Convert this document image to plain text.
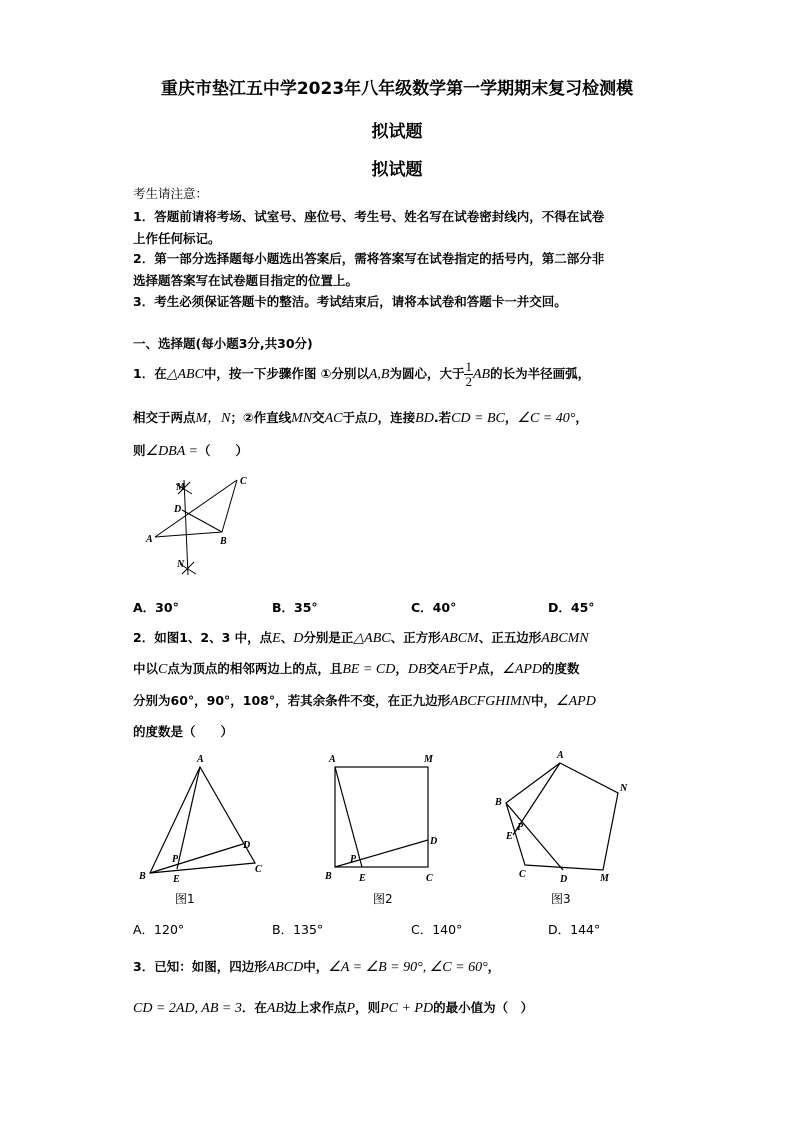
重庆市垫江五中学2023年八年级数学第一学期期末复习检测模
拟试题
拟试题
考生请注意：
1．答题前请将考场、试室号、座位号、考生号、姓名写在试卷密封线内，不得在试卷
上作任何标记。
2．第一部分选择题每小题选出答案后，需将答案写在试卷指定的括号内，第二部分非
选择题答案写在试卷题目指定的位置上。
3．考生必须保证答题卡的整洁。考试结束后，请将本试卷和答题卡一并交回。
一、选择题(每小题3分,共30分)
1．在△ABC中，按一下步骤作图 ①分别以A,B为圆心，大于 $\frac{1}{2}$ AB的长为半径画弧，
相交于两点M，N；②作直线MN交AC于点D，连接BD.若CD = BC，∠C = 40°，
则∠DBA =（　　）
M
C
D
A	B
N
A．30°	B．35°	C．40°	D．45°
2．如图1、2、3 中，点E、D分别是正△ABC、正方形ABCM、正五边形ABCMN
中以C点为顶点的相邻两边上的点，且BE = CD，DB交AE于P点，∠APD的度数
分别为60°，90°，108°，若其余条件不变，在正九边形ABCFGHIMN中，∠APD
的度数是（　　）
A
B
C
D
E
P
A	M
B	C
D
E
P
A
N
B
E
P
C	D	M
图1	图2	图3
A．120°	B．135°	C．140°	D．144°
3．已知：如图，四边形ABCD中，∠A = ∠B = 90°, ∠C = 60°，
CD = 2AD, AB = 3．在AB边上求作点P，则PC + PD的最小值为（　）
